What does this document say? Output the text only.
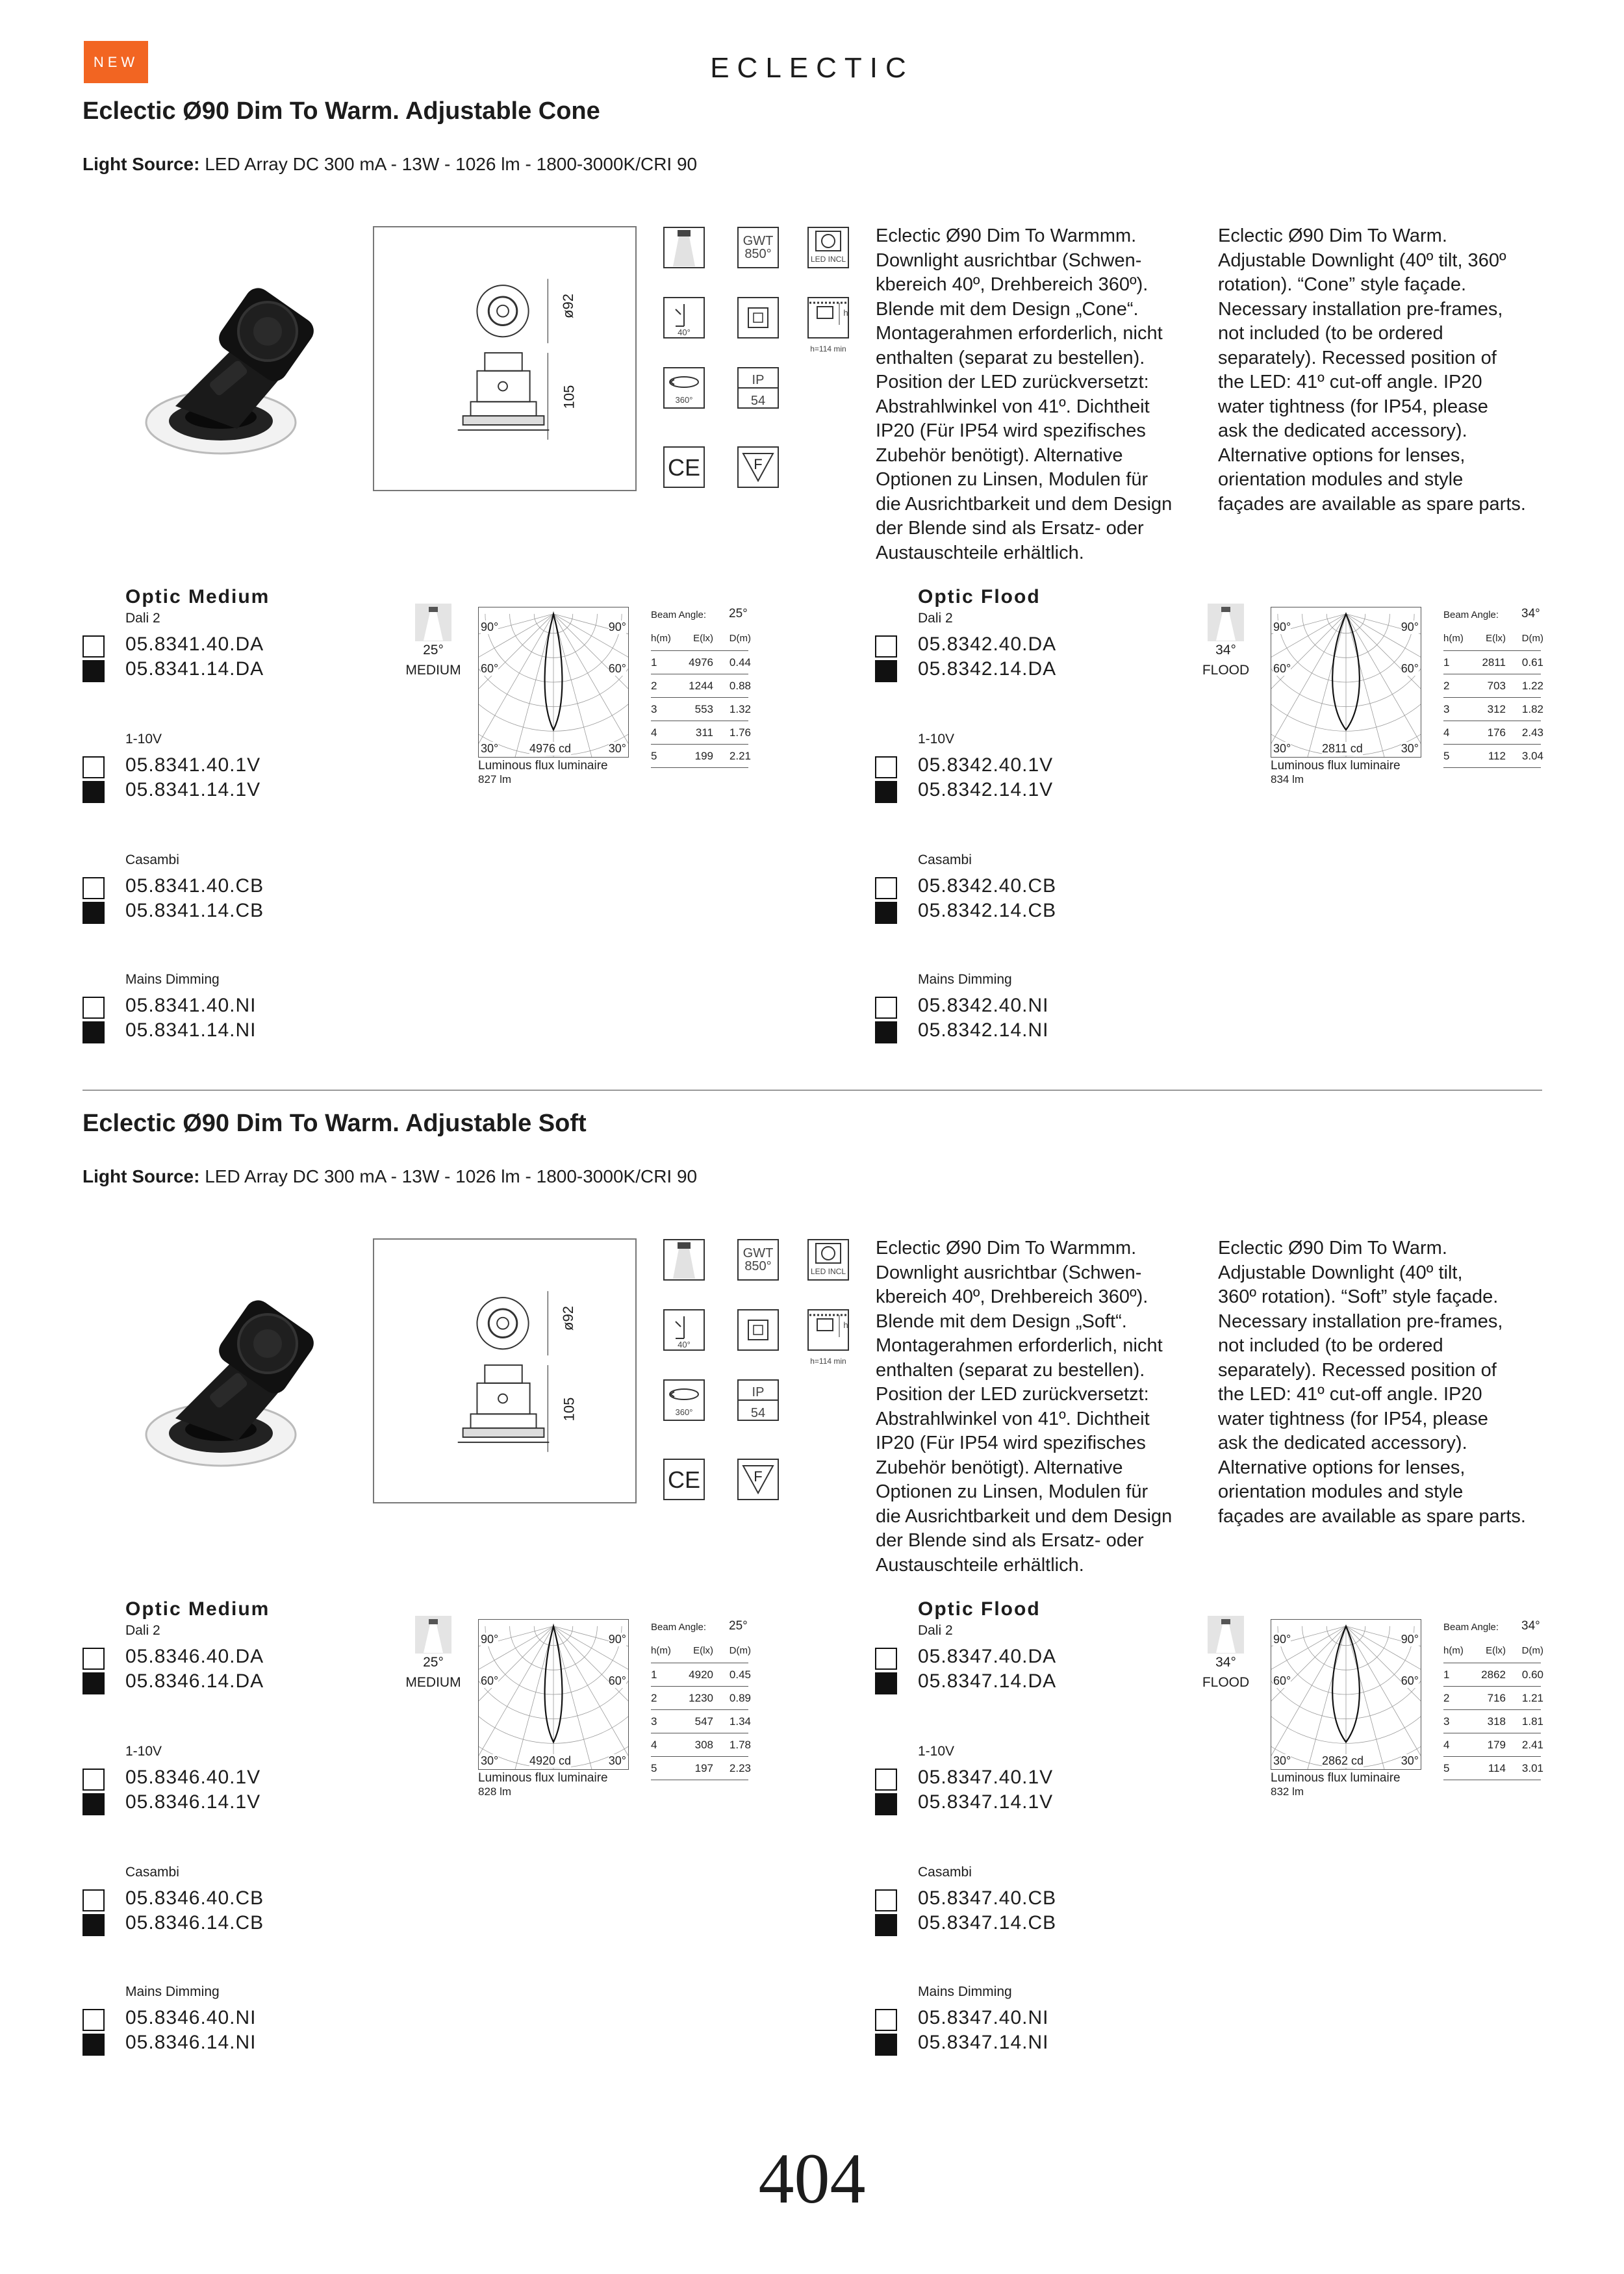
NEW	ECLECTIC
Eclectic Ø90 Dim To Warm. Adjustable Cone
Light Source: LED Array DC 300 mA - 13W - 1026 lm - 1800-3000K/CRI 90
ø92
105
GWT
850°	LED INCL
40°
h
h=114 min
360°
IP
54
CE	F
Eclectic Ø90 Dim To Warmmm.
Downlight ausrichtbar (Schwen-
kbereich 40º, Drehbereich 360º).
Blende mit dem Design „Cone“.
Montagerahmen erforderlich, nicht
enthalten (separat zu bestellen).
Position der LED zurückversetzt:
Abstrahlwinkel von 41º. Dichtheit
IP20 (Für IP54 wird spezifisches
Zubehör benötigt). Alternative
Optionen zu Linsen, Modulen für
die Ausrichtbarkeit und dem Design
der Blende sind als Ersatz- oder
Austauschteile erhältlich.
Eclectic Ø90 Dim To Warm.
Adjustable Downlight (40º tilt, 360º
rotation). “Cone” style façade.
Necessary installation pre-frames,
not included (to be ordered
separately). Recessed position of
the LED: 41º cut-off angle. IP20
water tightness (for IP54, please
ask the dedicated accessory).
Alternative options for lenses,
orientation modules and style
façades are available as spare parts.
Optic Medium
Dali 2
05.8341.40.DA
05.8341.14.DA
1-10V
05.8341.40.1V
05.8341.14.1V
Casambi
05.8341.40.CB
05.8341.14.CB
Mains Dimming
05.8341.40.NI
05.8341.14.NI
25°
MEDIUM
90°	90°
60°	60°
30°	30°
4976 cd
Luminous flux luminaire
827 lm
Beam Angle: 25°
h(m)	E(lx)	D(m)
1	4976	0.44
2	1244	0.88
3	553	1.32
4	311	1.76
5	199	2.21
Optic Flood
Dali 2
05.8342.40.DA
05.8342.14.DA
1-10V
05.8342.40.1V
05.8342.14.1V
Casambi
05.8342.40.CB
05.8342.14.CB
Mains Dimming
05.8342.40.NI
05.8342.14.NI
34°
FLOOD
90°	90°
60°	60°
30°	30°
2811 cd
Luminous flux luminaire
834 lm
Beam Angle: 34°
h(m)	E(lx)	D(m)
1	2811	0.61
2	703	1.22
3	312	1.82
4	176	2.43
5	112	3.04
Eclectic Ø90 Dim To Warm. Adjustable Soft
Light Source: LED Array DC 300 mA - 13W - 1026 lm - 1800-3000K/CRI 90
ø92
105
GWT
850°	LED INCL
40°
h
h=114 min
360°
IP
54
CE	F
Eclectic Ø90 Dim To Warmmm.
Downlight ausrichtbar (Schwen-
kbereich 40º, Drehbereich 360º).
Blende mit dem Design „Soft“.
Montagerahmen erforderlich, nicht
enthalten (separat zu bestellen).
Position der LED zurückversetzt:
Abstrahlwinkel von 41º. Dichtheit
IP20 (Für IP54 wird spezifisches
Zubehör benötigt). Alternative
Optionen zu Linsen, Modulen für
die Ausrichtbarkeit und dem Design
der Blende sind als Ersatz- oder
Austauschteile erhältlich.
Eclectic Ø90 Dim To Warm.
Adjustable Downlight (40º tilt,
360º rotation). “Soft” style façade.
Necessary installation pre-frames,
not included (to be ordered
separately). Recessed position of
the LED: 41º cut-off angle. IP20
water tightness (for IP54, please
ask the dedicated accessory).
Alternative options for lenses,
orientation modules and style
façades are available as spare parts.
Optic Medium
Dali 2
05.8346.40.DA
05.8346.14.DA
1-10V
05.8346.40.1V
05.8346.14.1V
Casambi
05.8346.40.CB
05.8346.14.CB
Mains Dimming
05.8346.40.NI
05.8346.14.NI
25°
MEDIUM
90°	90°
60°	60°
30°	30°
4920 cd
Luminous flux luminaire
828 lm
Beam Angle: 25°
h(m)	E(lx)	D(m)
1	4920	0.45
2	1230	0.89
3	547	1.34
4	308	1.78
5	197	2.23
Optic Flood
Dali 2
05.8347.40.DA
05.8347.14.DA
1-10V
05.8347.40.1V
05.8347.14.1V
Casambi
05.8347.40.CB
05.8347.14.CB
Mains Dimming
05.8347.40.NI
05.8347.14.NI
34°
FLOOD
90°	90°
60°	60°
30°	30°
2862 cd
Luminous flux luminaire
832 lm
Beam Angle: 34°
h(m)	E(lx)	D(m)
1	2862	0.60
2	716	1.21
3	318	1.81
4	179	2.41
5	114	3.01
404
